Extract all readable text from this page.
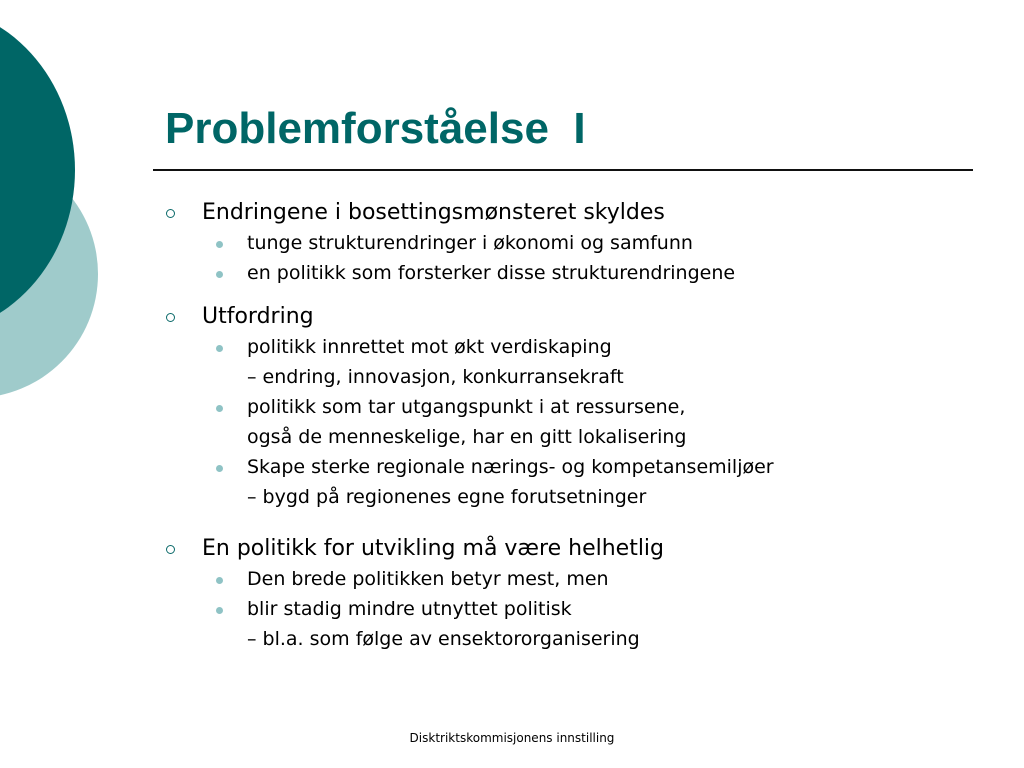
Problemforståelse  I
Endringene i bosettingsmønsteret skyldes
tunge strukturendringer i økonomi og samfunn
en politikk som forsterker disse strukturendringene
Utfordring
politikk innrettet mot økt verdiskaping
– endring, innovasjon, konkurransekraft
politikk som tar utgangspunkt i at ressursene,
også de menneskelige, har en gitt lokalisering
Skape sterke regionale nærings- og kompetansemiljøer
– bygd på regionenes egne forutsetninger
En politikk for utvikling må være helhetlig
Den brede politikken betyr mest, men
blir stadig mindre utnyttet politisk
– bl.a. som følge av ensektororganisering
Disktriktskommisjonens innstilling
